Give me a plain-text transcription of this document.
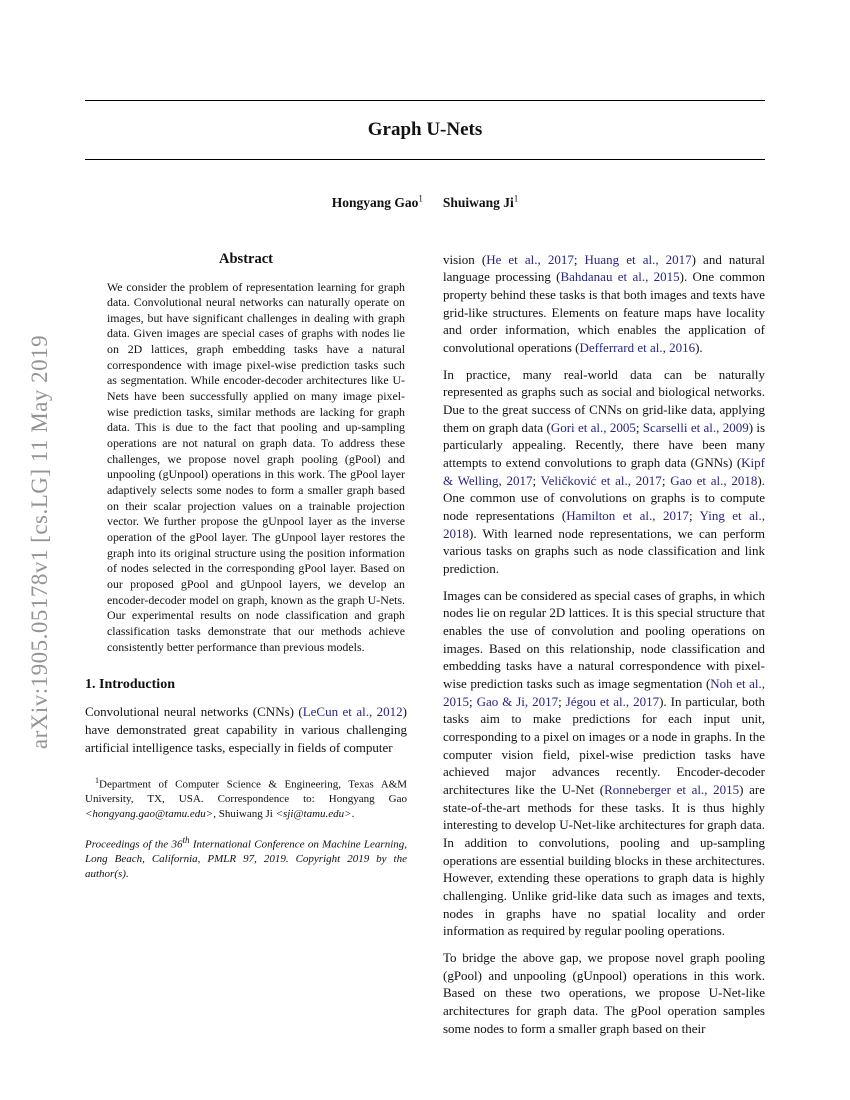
arXiv:1905.05178v1 [cs.LG] 11 May 2019
Graph U-Nets
Hongyang Gao$^1$ Shuiwang Ji$^1$
Abstract

We consider the problem of representation learning for graph data. Convolutional neural networks can naturally operate on images, but have significant challenges in dealing with graph data. Given images are special cases of graphs with nodes lie on 2D lattices, graph embedding tasks have a natural correspondence with image pixel-wise prediction tasks such as segmentation. While encoder-decoder architectures like U-Nets have been successfully applied on many image pixel-wise prediction tasks, similar methods are lacking for graph data. This is due to the fact that pooling and up-sampling operations are not natural on graph data. To address these challenges, we propose novel graph pooling (gPool) and unpooling (gUnpool) operations in this work. The gPool layer adaptively selects some nodes to form a smaller graph based on their scalar projection values on a trainable projection vector. We further propose the gUnpool layer as the inverse operation of the gPool layer. The gUnpool layer restores the graph into its original structure using the position information of nodes selected in the corresponding gPool layer. Based on our proposed gPool and gUnpool layers, we develop an encoder-decoder model on graph, known as the graph U-Nets. Our experimental results on node classification and graph classification tasks demonstrate that our methods achieve consistently better performance than previous models.

1. Introduction

Convolutional neural networks (CNNs) (LeCun et al., 2012) have demonstrated great capability in various challenging artificial intelligence tasks, especially in fields of computer

$^1$Department of Computer Science & Engineering, Texas A&M University, TX, USA. Correspondence to: Hongyang Gao <hongyang.gao@tamu.edu>, Shuiwang Ji <sji@tamu.edu>.

Proceedings of the 36th International Conference on Machine Learning, Long Beach, California, PMLR 97, 2019. Copyright 2019 by the author(s).

vision (He et al., 2017; Huang et al., 2017) and natural language processing (Bahdanau et al., 2015). One common property behind these tasks is that both images and texts have grid-like structures. Elements on feature maps have locality and order information, which enables the application of convolutional operations (Defferrard et al., 2016).

In practice, many real-world data can be naturally represented as graphs such as social and biological networks. Due to the great success of CNNs on grid-like data, applying them on graph data (Gori et al., 2005; Scarselli et al., 2009) is particularly appealing. Recently, there have been many attempts to extend convolutions to graph data (GNNs) (Kipf & Welling, 2017; Veličković et al., 2017; Gao et al., 2018). One common use of convolutions on graphs is to compute node representations (Hamilton et al., 2017; Ying et al., 2018). With learned node representations, we can perform various tasks on graphs such as node classification and link prediction.

Images can be considered as special cases of graphs, in which nodes lie on regular 2D lattices. It is this special structure that enables the use of convolution and pooling operations on images. Based on this relationship, node classification and embedding tasks have a natural correspondence with pixel-wise prediction tasks such as image segmentation (Noh et al., 2015; Gao & Ji, 2017; Jégou et al., 2017). In particular, both tasks aim to make predictions for each input unit, corresponding to a pixel on images or a node in graphs. In the computer vision field, pixel-wise prediction tasks have achieved major advances recently. Encoder-decoder architectures like the U-Net (Ronneberger et al., 2015) are state-of-the-art methods for these tasks. It is thus highly interesting to develop U-Net-like architectures for graph data. In addition to convolutions, pooling and up-sampling operations are essential building blocks in these architectures. However, extending these operations to graph data is highly challenging. Unlike grid-like data such as images and texts, nodes in graphs have no spatial locality and order information as required by regular pooling operations.

To bridge the above gap, we propose novel graph pooling (gPool) and unpooling (gUnpool) operations in this work. Based on these two operations, we propose U-Net-like architectures for graph data. The gPool operation samples some nodes to form a smaller graph based on their
